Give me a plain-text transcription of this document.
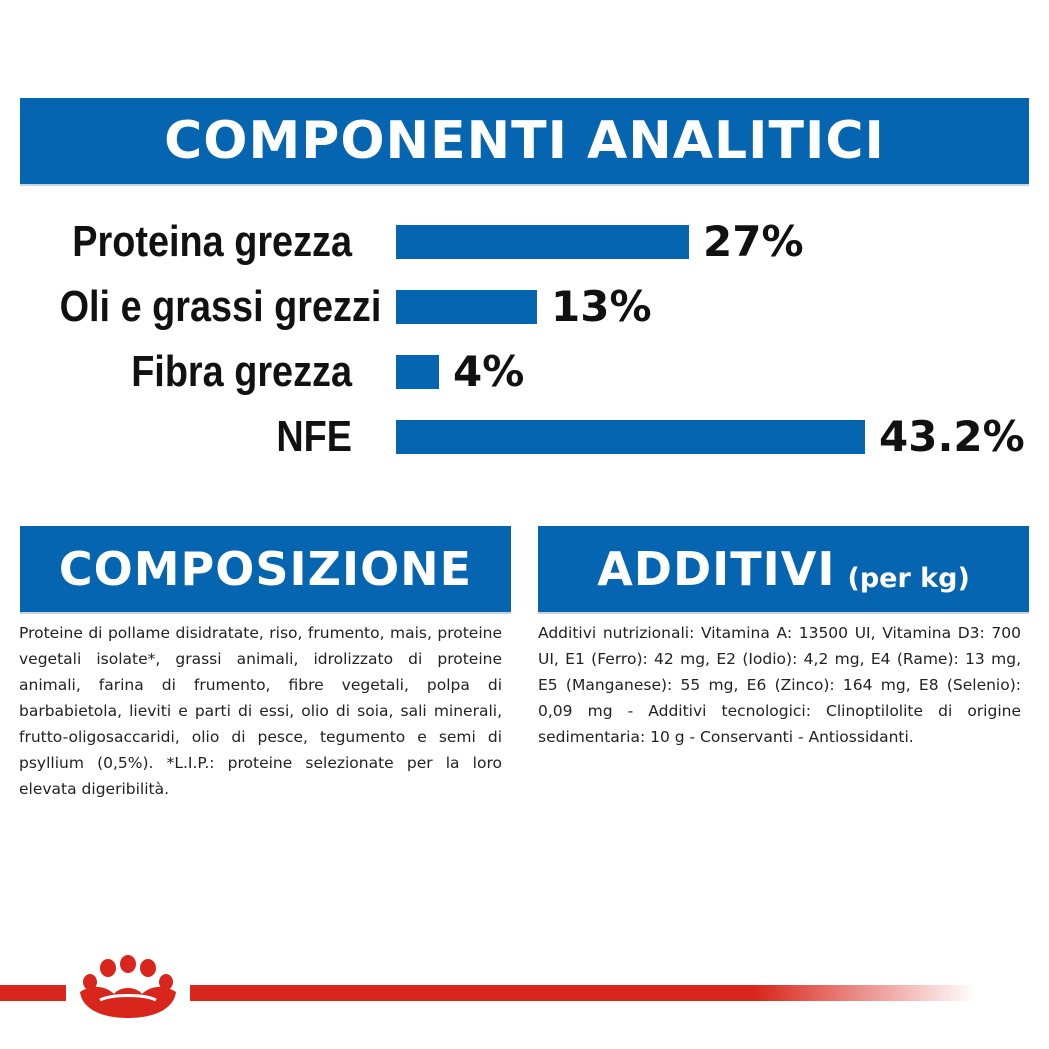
COMPONENTI ANALITICI
Proteina grezza	27%
Oli e grassi grezzi	13%
Fibra grezza 4%
NFE	43.2%
COMPOSIZIONE	ADDITIVI (per kg)
Proteine di pollame disidratate, riso, frumento, mais, proteine vegetali isolate*, grassi animali, idrolizzato di proteine animali, farina di frumento, fibre vegetali, polpa di barbabietola, lieviti e parti di essi, olio di soia, sali minerali, frutto-oligosaccaridi, olio di pesce, tegumento e semi di psyllium (0,5%). *L.I.P.: proteine selezionate per la loro elevata digeribilità.
Additivi nutrizionali: Vitamina A: 13500 UI, Vitamina D3: 700 UI, E1 (Ferro): 42 mg, E2 (Iodio): 4,2 mg, E4 (Rame): 13 mg, E5 (Manganese): 55 mg, E6 (Zinco): 164 mg, E8 (Selenio): 0,09 mg - Additivi tecnologici: Clinoptilolite di origine sedimentaria: 10 g - Conservanti - Antiossidanti.
